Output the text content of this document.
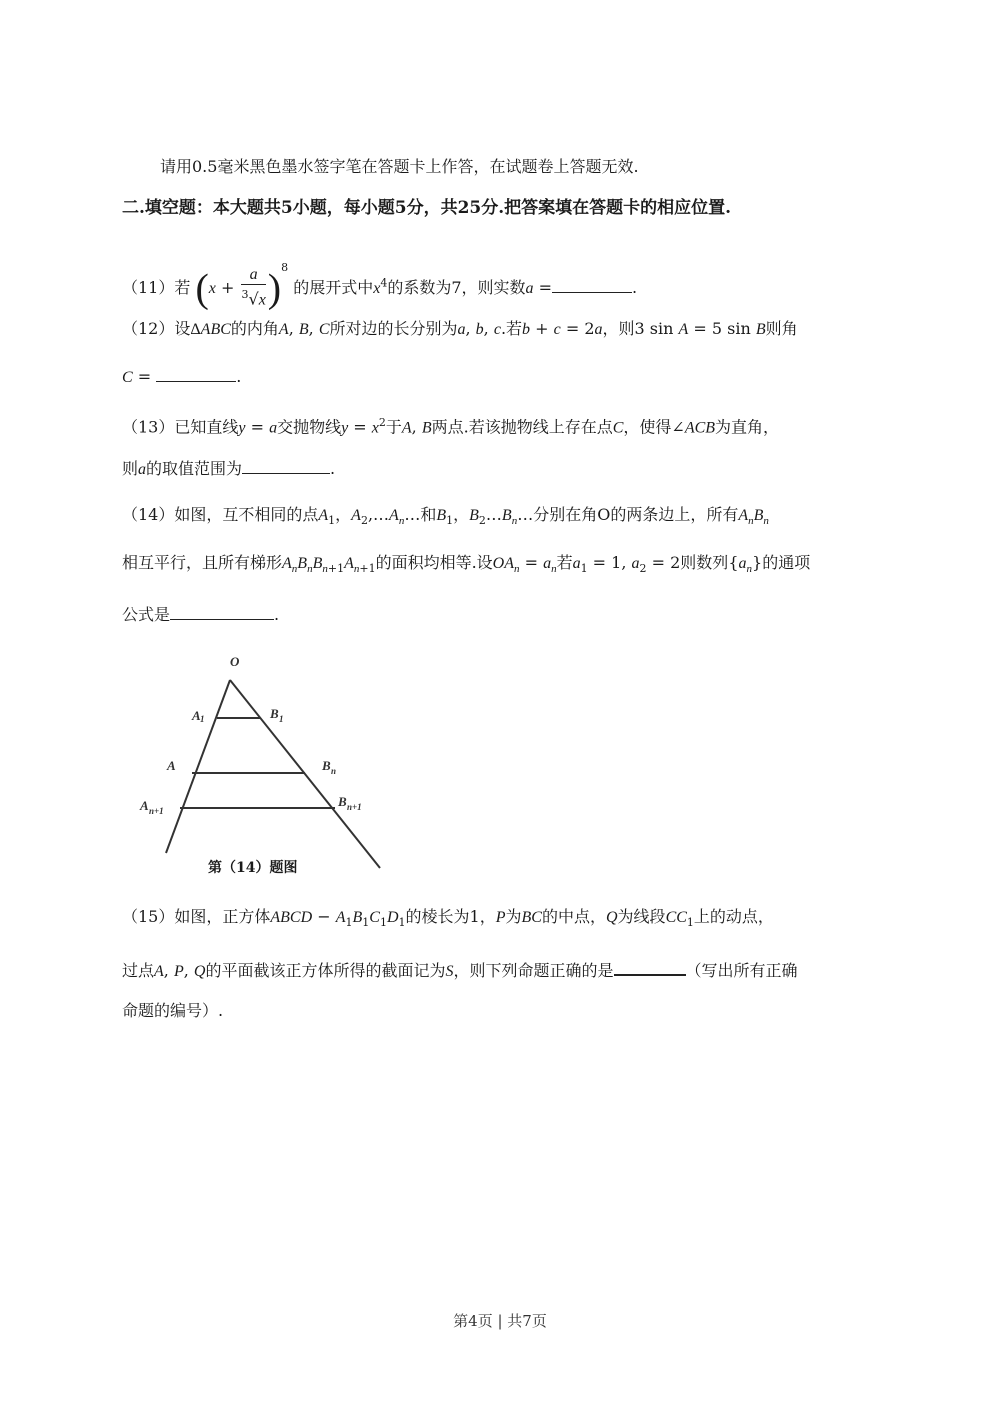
请用0.5毫米黑色墨水签字笔在答题卡上作答，在试题卷上答题无效.
二.填空题：本大题共5小题，每小题5分，共25分.把答案填在答题卡的相应位置.
（11）若 $(x + \frac{a}{^3√x} )^8$ 的展开式中$x^4$的系数为7，则实数a =	.
（12）设ΔABC的内角A, B, C所对边的长分别为a, b, c.若b + c = 2a，则3 sin A = 5 sin B则角
C =	.
（13）已知直线y = a交抛物线$y = x^2$于A, B两点.若该抛物线上存在点C，使得∠ACB为直角，
则a的取值范围为	.
（14）如图，互不相同的点$A_1$，$A_2,\dots A_n\dots$和$B_1$，$B_2\dots B_n\dots$分别在角O的两条边上，所有$A_nB_n$
相互平行，且所有梯形$A_nB_nB_{n+1}A_{n+1}$的面积均相等.设$OA_n = a_n$若$a_1 = 1$, $a_2 = 2$则数列$\{a_n\}$的通项
公式是	.
O
A 1	B 1
A	B n
A n+1
B n+1
第（14）题图
（15）如图，正方体ABCD − $A_1B_1C_1D_1$的棱长为1，P为BC的中点，Q为线段$CC_1$上的动点，
过点A, P, Q的平面截该正方体所得的截面记为S，则下列命题正确的是	（写出所有正确
命题的编号）.
第4页 | 共7页
